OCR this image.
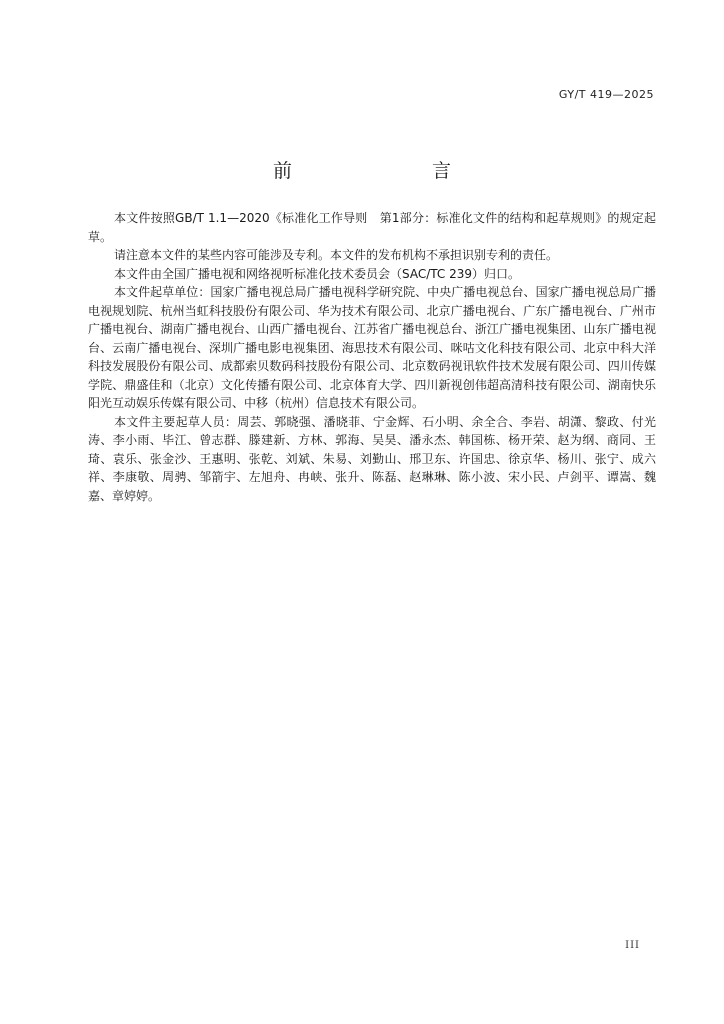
GY/T 419—2025
前　　言

本文件按照GB/T 1.1—2020《标准化工作导则　第1部分：标准化文件的结构和起草规则》的规定起草。

请注意本文件的某些内容可能涉及专利。本文件的发布机构不承担识别专利的责任。

本文件由全国广播电视和网络视听标准化技术委员会（SAC/TC 239）归口。

本文件起草单位：国家广播电视总局广播电视科学研究院、中央广播电视总台、国家广播电视总局广播电视规划院、杭州当虹科技股份有限公司、华为技术有限公司、北京广播电视台、广东广播电视台、广州市广播电视台、湖南广播电视台、山西广播电视台、江苏省广播电视总台、浙江广播电视集团、山东广播电视台、云南广播电视台、深圳广播电影电视集团、海思技术有限公司、咪咕文化科技有限公司、北京中科大洋科技发展股份有限公司、成都索贝数码科技股份有限公司、北京数码视讯软件技术发展有限公司、四川传媒学院、鼎盛佳和（北京）文化传播有限公司、北京体育大学、四川新视创伟超高清科技有限公司、湖南快乐阳光互动娱乐传媒有限公司、中移（杭州）信息技术有限公司。

本文件主要起草人员：周芸、郭晓强、潘晓菲、宁金辉、石小明、余全合、李岩、胡潇、黎政、付光涛、李小雨、毕江、曾志群、滕建新、方林、郭海、吴昊、潘永杰、韩国栋、杨开荣、赵为纲、商同、王琦、袁乐、张金沙、王惠明、张乾、刘斌、朱易、刘勤山、邢卫东、许国忠、徐京华、杨川、张宁、成六祥、李康敬、周骋、邹箭宇、左旭舟、冉峡、张升、陈磊、赵琳琳、陈小波、宋小民、卢剑平、谭嵩、魏嘉、章婷婷。

III
